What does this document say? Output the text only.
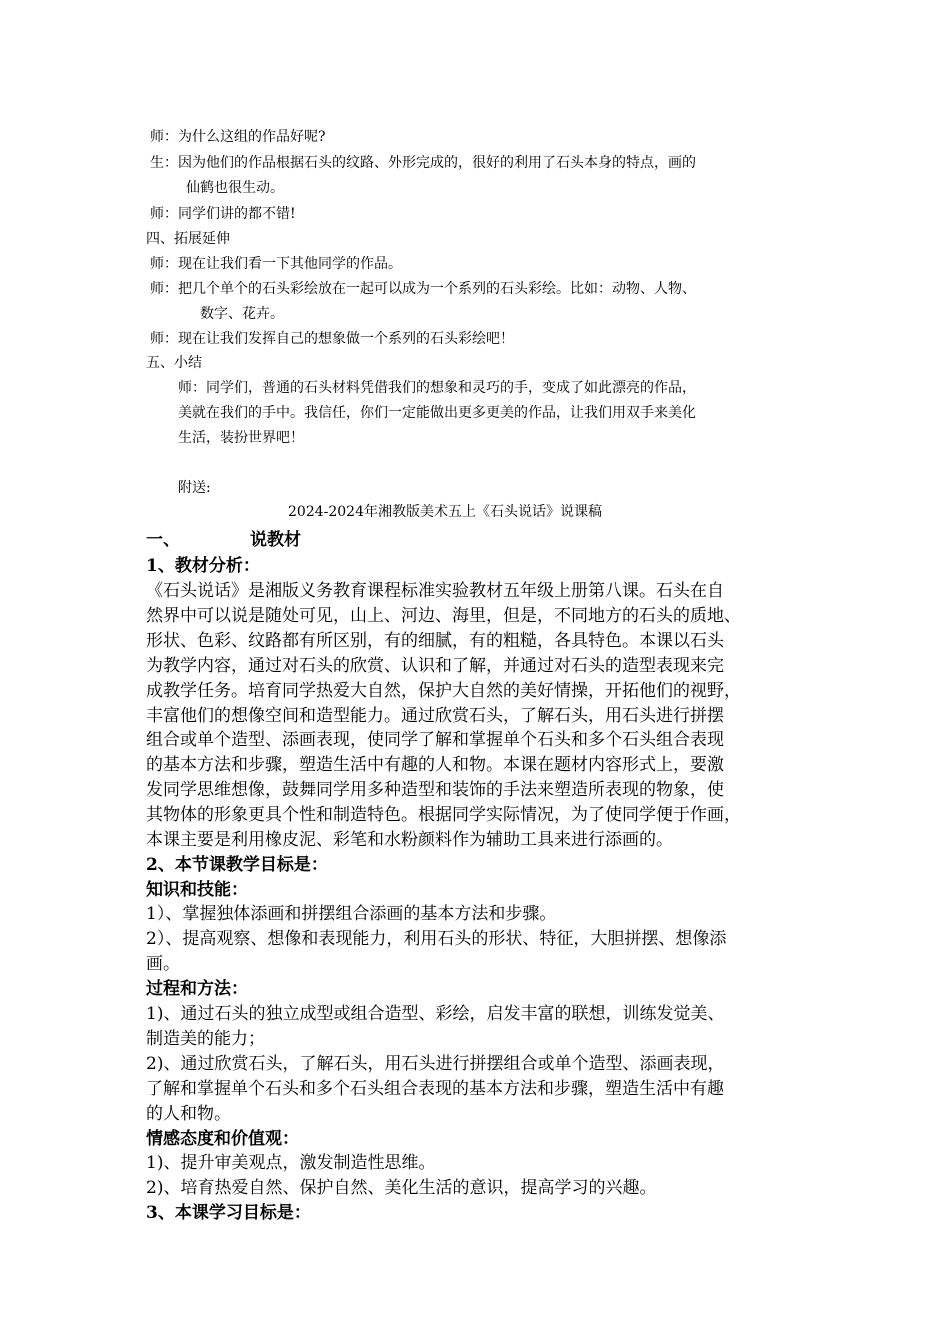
师：为什么这组的作品好呢?
生：因为他们的作品根据石头的纹路、外形完成的，很好的利用了石头本身的特点，画的
仙鹤也很生动。
师：同学们讲的都不错!
四、拓展延伸
师：现在让我们看一下其他同学的作品。
师：把几个单个的石头彩绘放在一起可以成为一个系列的石头彩绘。比如：动物、人物、
数字、花卉。
师：现在让我们发挥自己的想象做一个系列的石头彩绘吧！
五、小结
师：同学们，普通的石头材料凭借我们的想象和灵巧的手，变成了如此漂亮的作品，
美就在我们的手中。我信任，你们一定能做出更多更美的作品，让我们用双手来美化
生活，装扮世界吧！
附送:
2024-2024年湘教版美术五上《石头说话》说课稿
一、	说教材
1、教材分析：
《石头说话》是湘版义务教育课程标准实验教材五年级上册第八课。石头在自
然界中可以说是随处可见，山上、河边、海里，但是，不同地方的石头的质地、
形状、色彩、纹路都有所区别，有的细腻，有的粗糙，各具特色。本课以石头
为教学内容，通过对石头的欣赏、认识和了解，并通过对石头的造型表现来完
成教学任务。培育同学热爱大自然，保护大自然的美好情操，开拓他们的视野，
丰富他们的想像空间和造型能力。通过欣赏石头，了解石头，用石头进行拼摆
组合或单个造型、添画表现，使同学了解和掌握单个石头和多个石头组合表现
的基本方法和步骤，塑造生活中有趣的人和物。本课在题材内容形式上，要激
发同学思维想像，鼓舞同学用多种造型和装饰的手法来塑造所表现的物象，使
其物体的形象更具个性和制造特色。根据同学实际情况，为了使同学便于作画，
本课主要是利用橡皮泥、彩笔和水粉颜料作为辅助工具来进行添画的。
2、本节课教学目标是：
知识和技能：
1）、掌握独体添画和拼摆组合添画的基本方法和步骤。
2）、提高观察、想像和表现能力，利用石头的形状、特征，大胆拼摆、想像添
画。
过程和方法：
1)、通过石头的独立成型或组合造型、彩绘，启发丰富的联想，训练发觉美、
制造美的能力；
2)、通过欣赏石头，了解石头，用石头进行拼摆组合或单个造型、添画表现，
了解和掌握单个石头和多个石头组合表现的基本方法和步骤，塑造生活中有趣
的人和物。
情感态度和价值观：
1)、提升审美观点，激发制造性思维。
2)、培育热爱自然、保护自然、美化生活的意识，提高学习的兴趣。
3、本课学习目标是：
